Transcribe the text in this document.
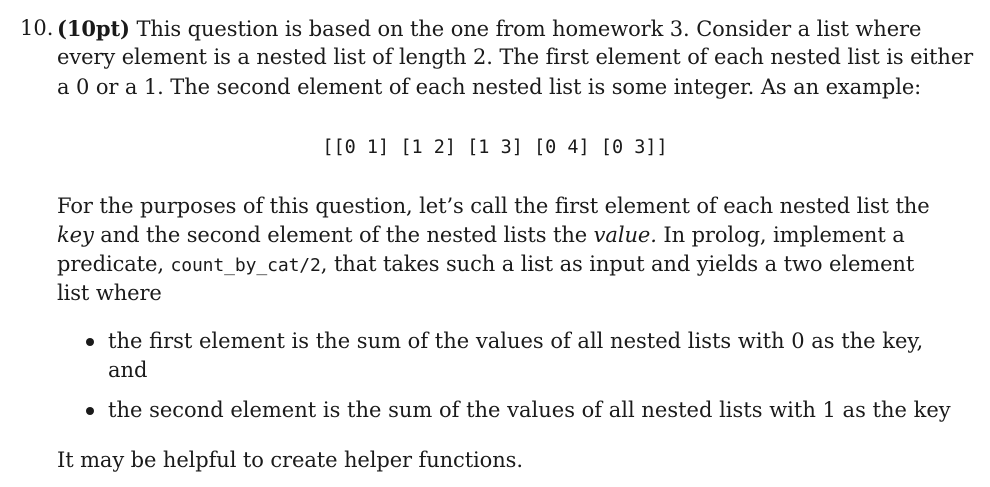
10. (10pt) This question is based on the one from homework 3. Consider a list where
every element is a nested list of length 2. The first element of each nested list is either
a 0 or a 1. The second element of each nested list is some integer. As an example:
[[0 1] [1 2] [1 3] [0 4] [0 3]]
For the purposes of this question, let’s call the first element of each nested list the
key and the second element of the nested lists the value. In prolog, implement a
predicate, count_by_cat/2, that takes such a list as input and yields a two element
list where
the first element is the sum of the values of all nested lists with 0 as the key,
and
the second element is the sum of the values of all nested lists with 1 as the key
It may be helpful to create helper functions.
